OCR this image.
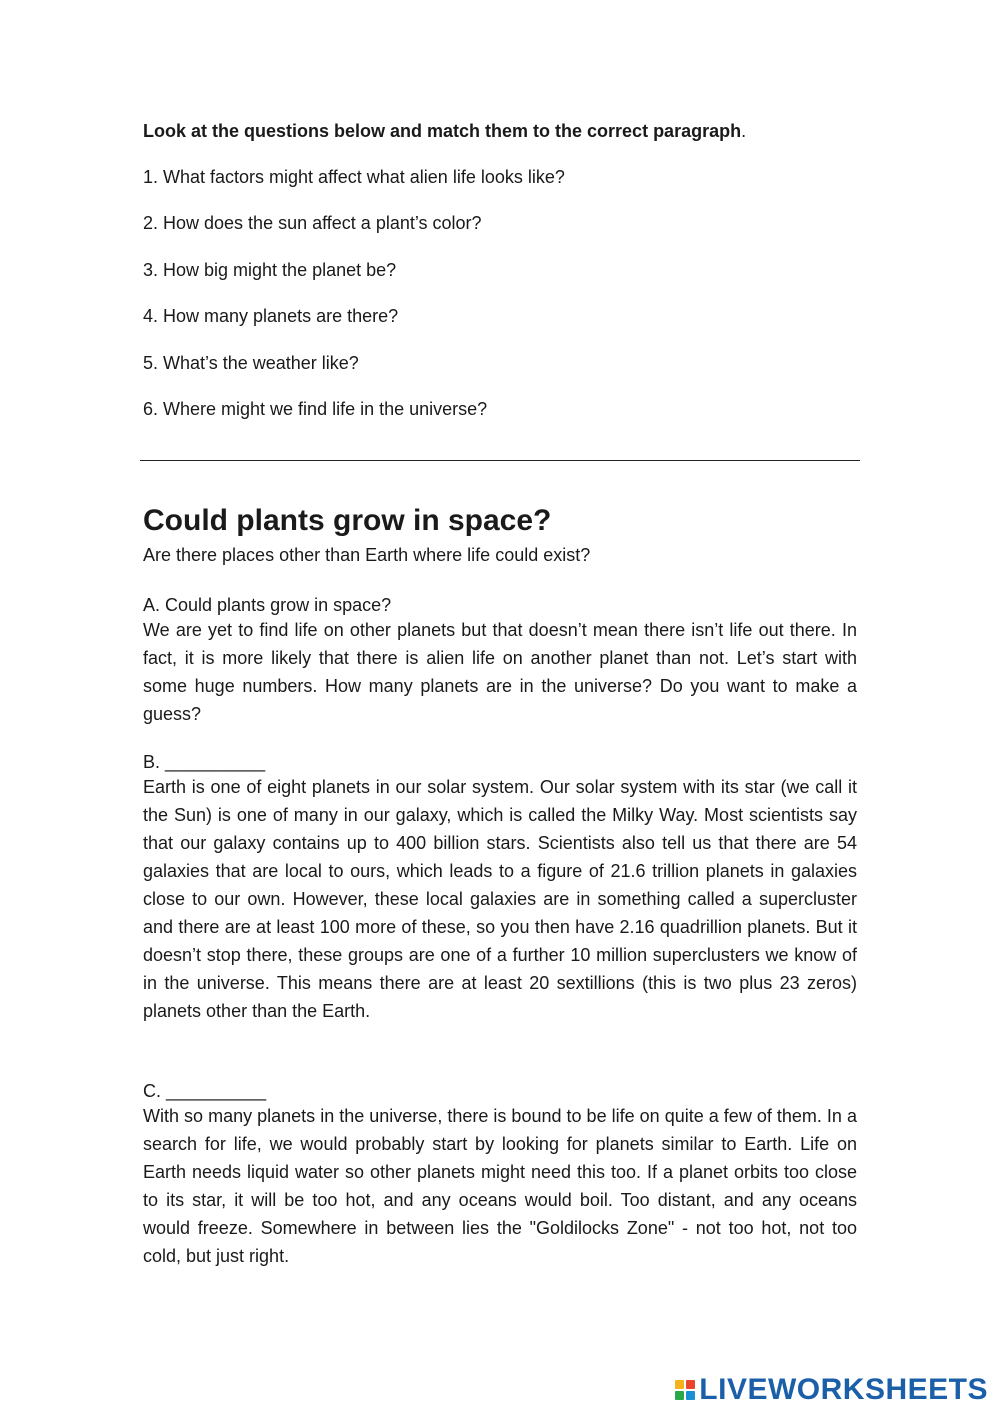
Look at the questions below and match them to the correct paragraph.
1. What factors might affect what alien life looks like?
2. How does the sun affect a plant’s color?
3. How big might the planet be?
4. How many planets are there?
5. What’s the weather like?
6. Where might we find life in the universe?
Could plants grow in space?
Are there places other than Earth where life could exist?
A. Could plants grow in space?
We are yet to find life on other planets but that doesn’t mean there isn’t life out there. In fact, it is more likely that there is alien life on another planet than not. Let’s start with some huge numbers. How many planets are in the universe? Do you want to make a guess?
B. __________
Earth is one of eight planets in our solar system. Our solar system with its star (we call it the Sun) is one of many in our galaxy, which is called the Milky Way. Most scientists say that our galaxy contains up to 400 billion stars. Scientists also tell us that there are 54 galaxies that are local to ours, which leads to a figure of 21.6 trillion planets in galaxies close to our own. However, these local galaxies are in something called a supercluster and there are at least 100 more of these, so you then have 2.16 quadrillion planets. But it doesn’t stop there, these groups are one of a further 10 million superclusters we know of in the universe. This means there are at least 20 sextillions (this is two plus 23 zeros) planets other than the Earth.
C. __________
With so many planets in the universe, there is bound to be life on quite a few of them. In a search for life, we would probably start by looking for planets similar to Earth. Life on Earth needs liquid water so other planets might need this too. If a planet orbits too close to its star, it will be too hot, and any oceans would boil. Too distant, and any oceans would freeze. Somewhere in between lies the "Goldilocks Zone" - not too hot, not too cold, but just right.
LIVEWORKSHEETS
